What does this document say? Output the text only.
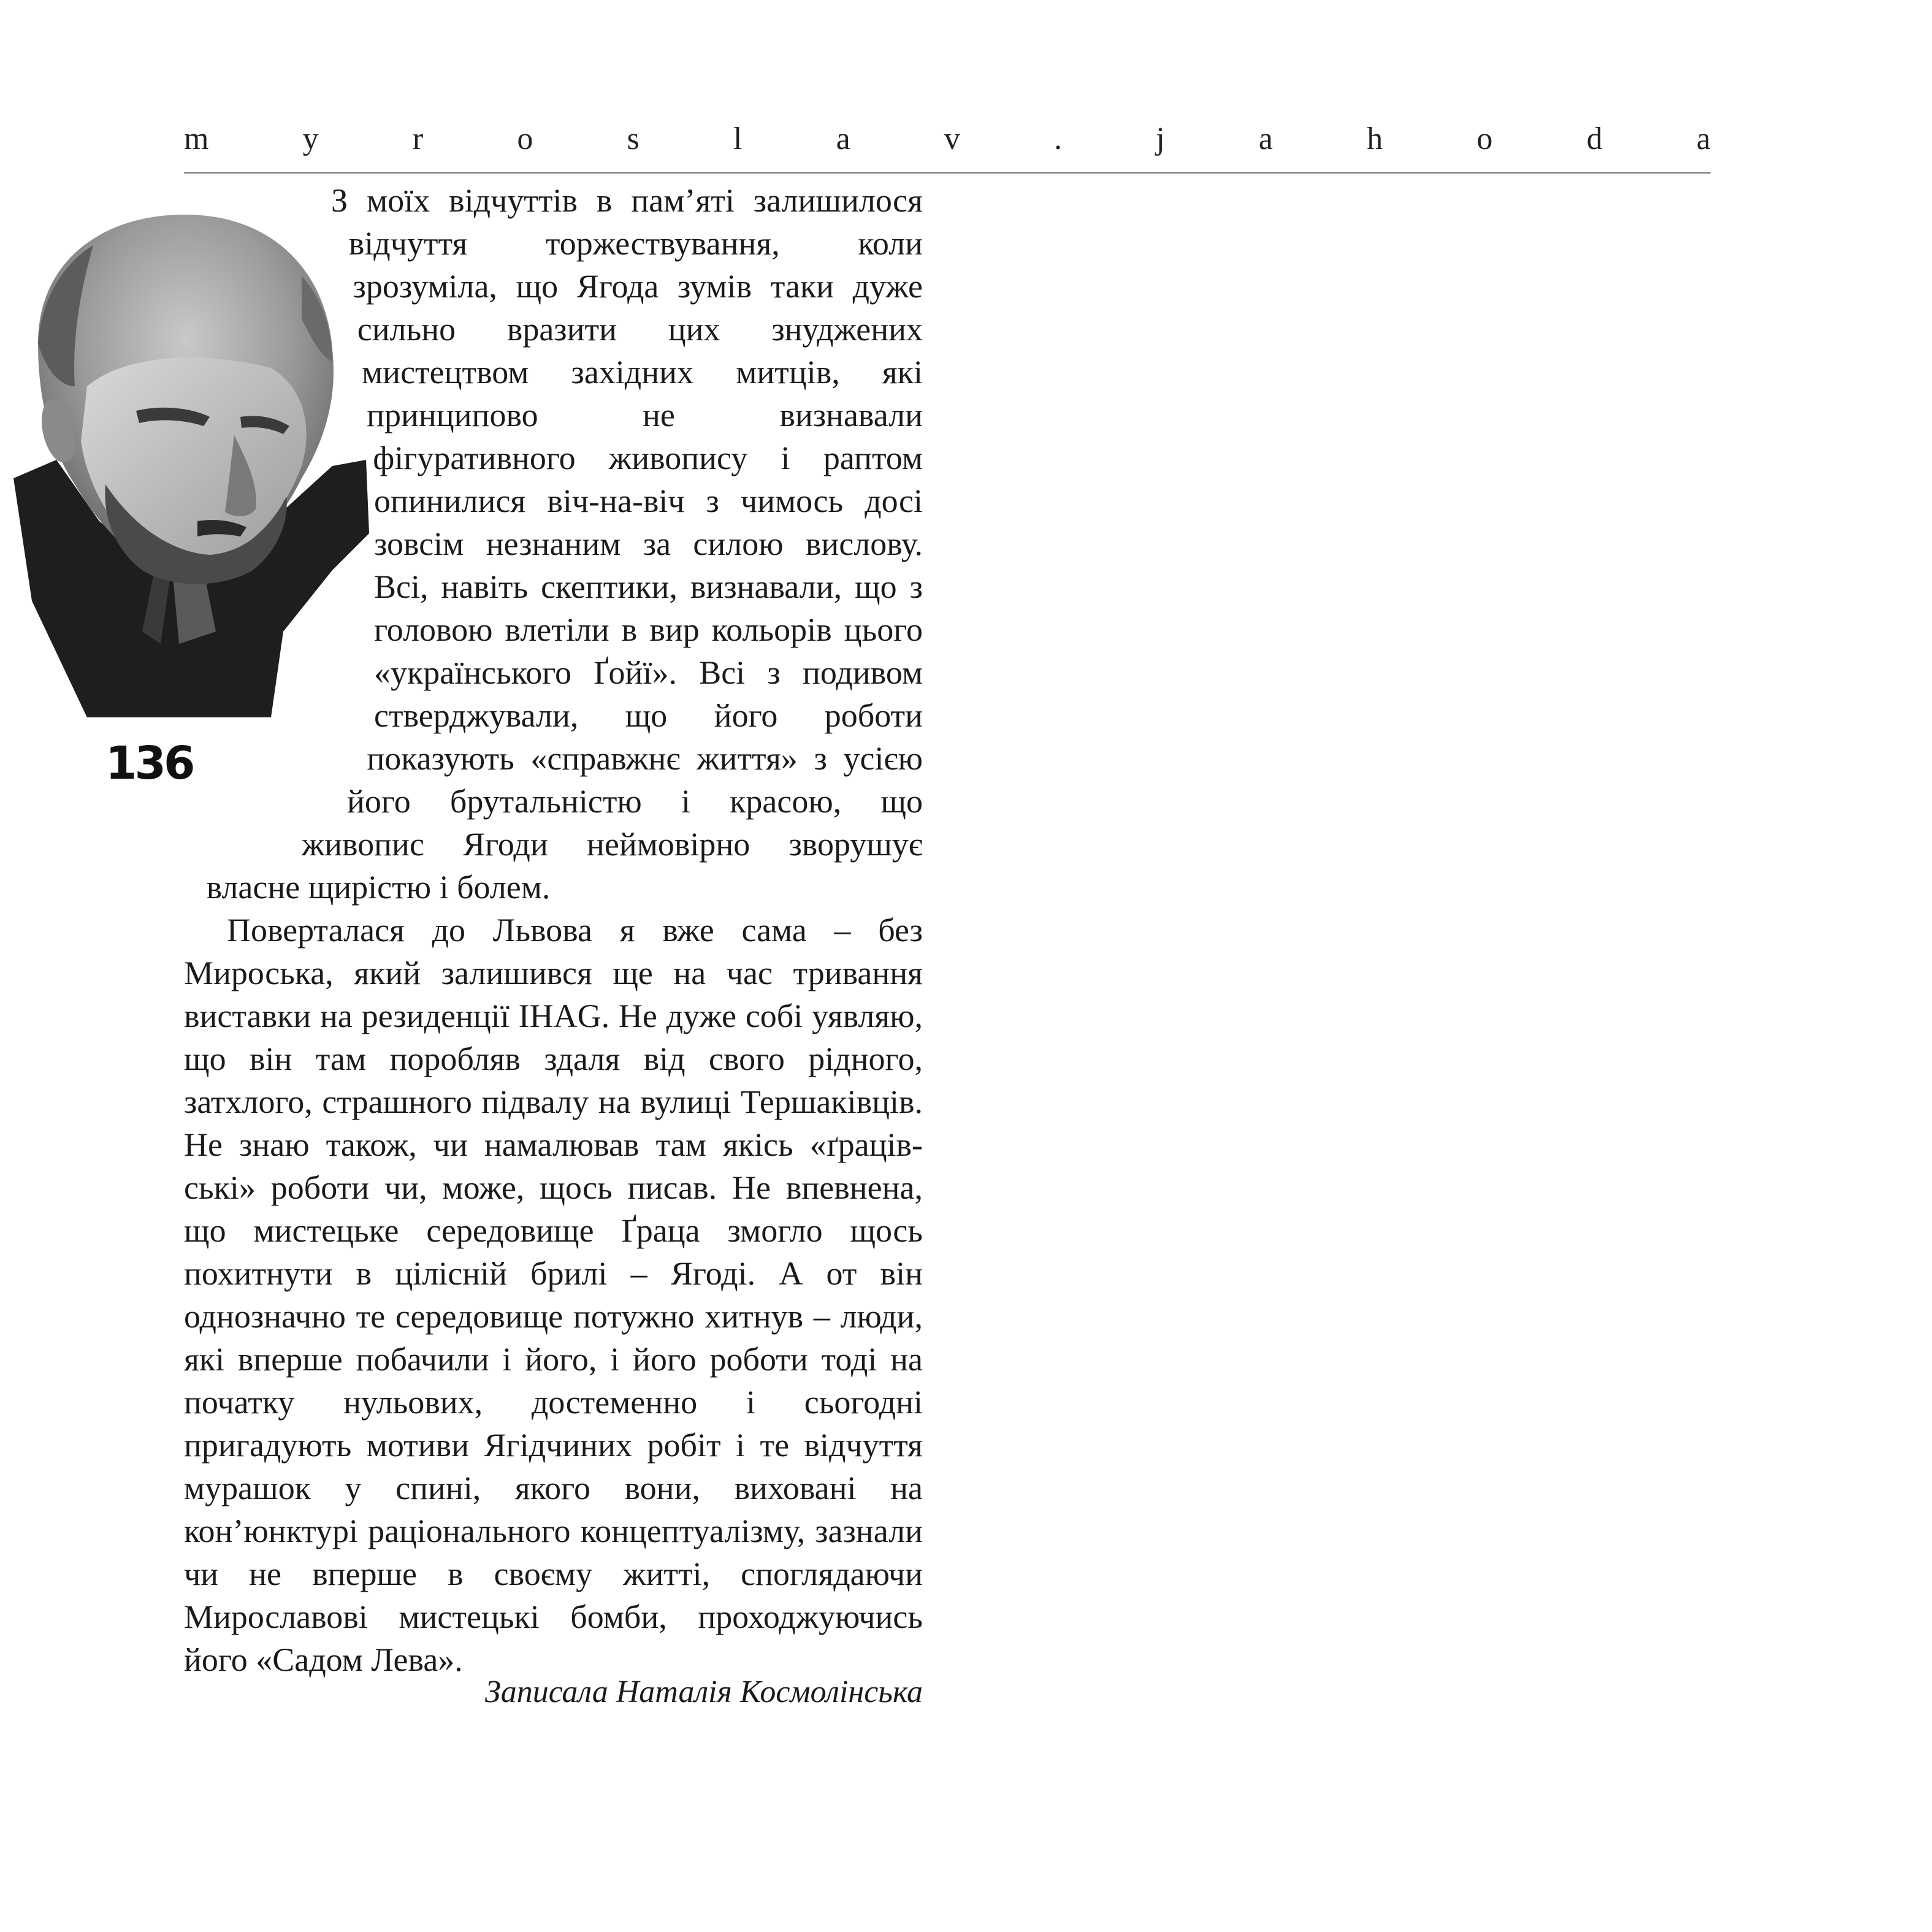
m	y	r	o	s	l	a	v	.	j	a	h	o	d	a
136

З моїх відчуттів в пам’яті залишилося відчуття торжествування, коли зрозуміла, що Ягода зумів таки дуже сильно вразити цих знуджених мистецтвом західних митців, які принципово не визнавали фігуративного живопису і раптом опинилися віч-на-віч з чимось досі зовсім незнаним за силою вислову. Всі, навіть скептики, визнавали, що з головою влетіли в вир кольорів цього «українського Ґойї». Всі з подивом стверджували, що його роботи показують «справжнє життя» з усією його брутальністю і красою, що живопис Ягоди неймовірно зворушує власне щирістю і болем.

Поверталася до Львова я вже сама – без Мироська, який залишився ще на час тривання виставки на резиденції IHAG. Не дуже собі уявляю, що він там поробляв здаля від свого рідного, затхлого, страшного підвалу на вулиці Тершаківців. Не знаю також, чи намалював там якісь «ґрацівські» роботи чи, може, щось писав. Не впевнена, що мистецьке середовище Ґраца змогло щось похитнути в цілісній брилі – Ягоді. А от він однозначно те середовище потужно хитнув – люди, які вперше побачили і його, і його роботи тоді на початку нульових, достеменно і сьогодні пригадують мотиви Ягідчиних робіт і те відчуття мурашок у спині, якого вони, виховані на кон’юнктурі раціонального концептуалізму, зазнали чи не вперше в своєму житті, споглядаючи Мирославові мистецькі бомби, проходжуючись його «Садом Лева».

Записала Наталія Космолінська
